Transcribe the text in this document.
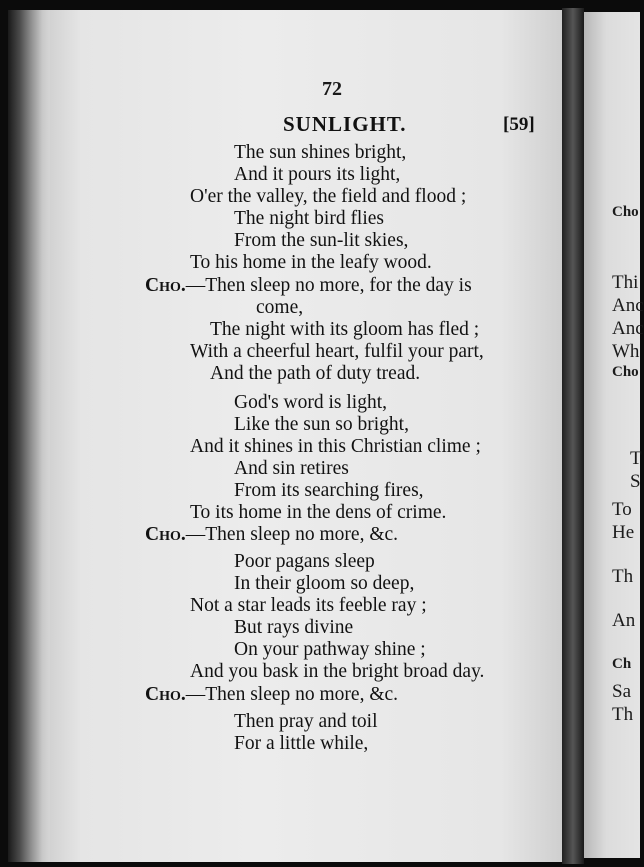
72
SUNLIGHT.	[59]
The sun shines bright,
And it pours its light,
O'er the valley, the field and flood ;
The night bird flies
From the sun-lit skies,
To his home in the leafy wood.
Cho.—Then sleep no more, for the day is
come,
The night with its gloom has fled ;
With a cheerful heart, fulfil your part,
And the path of duty tread.
God's word is light,
Like the sun so bright,
And it shines in this Christian clime ;
And sin retires
From its searching fires,
To its home in the dens of crime.
Cho.—Then sleep no more, &c.
Poor pagans sleep
In their gloom so deep,
Not a star leads its feeble ray ;
But rays divine
On your pathway shine ;
And you bask in the bright broad day.
Cho.—Then sleep no more, &c.
Then pray and toil
For a little while,
Cho
Thi
Anc
Anc
Wh
Cho
T
S
To
He
Th
An
Ch
Sa
Th
